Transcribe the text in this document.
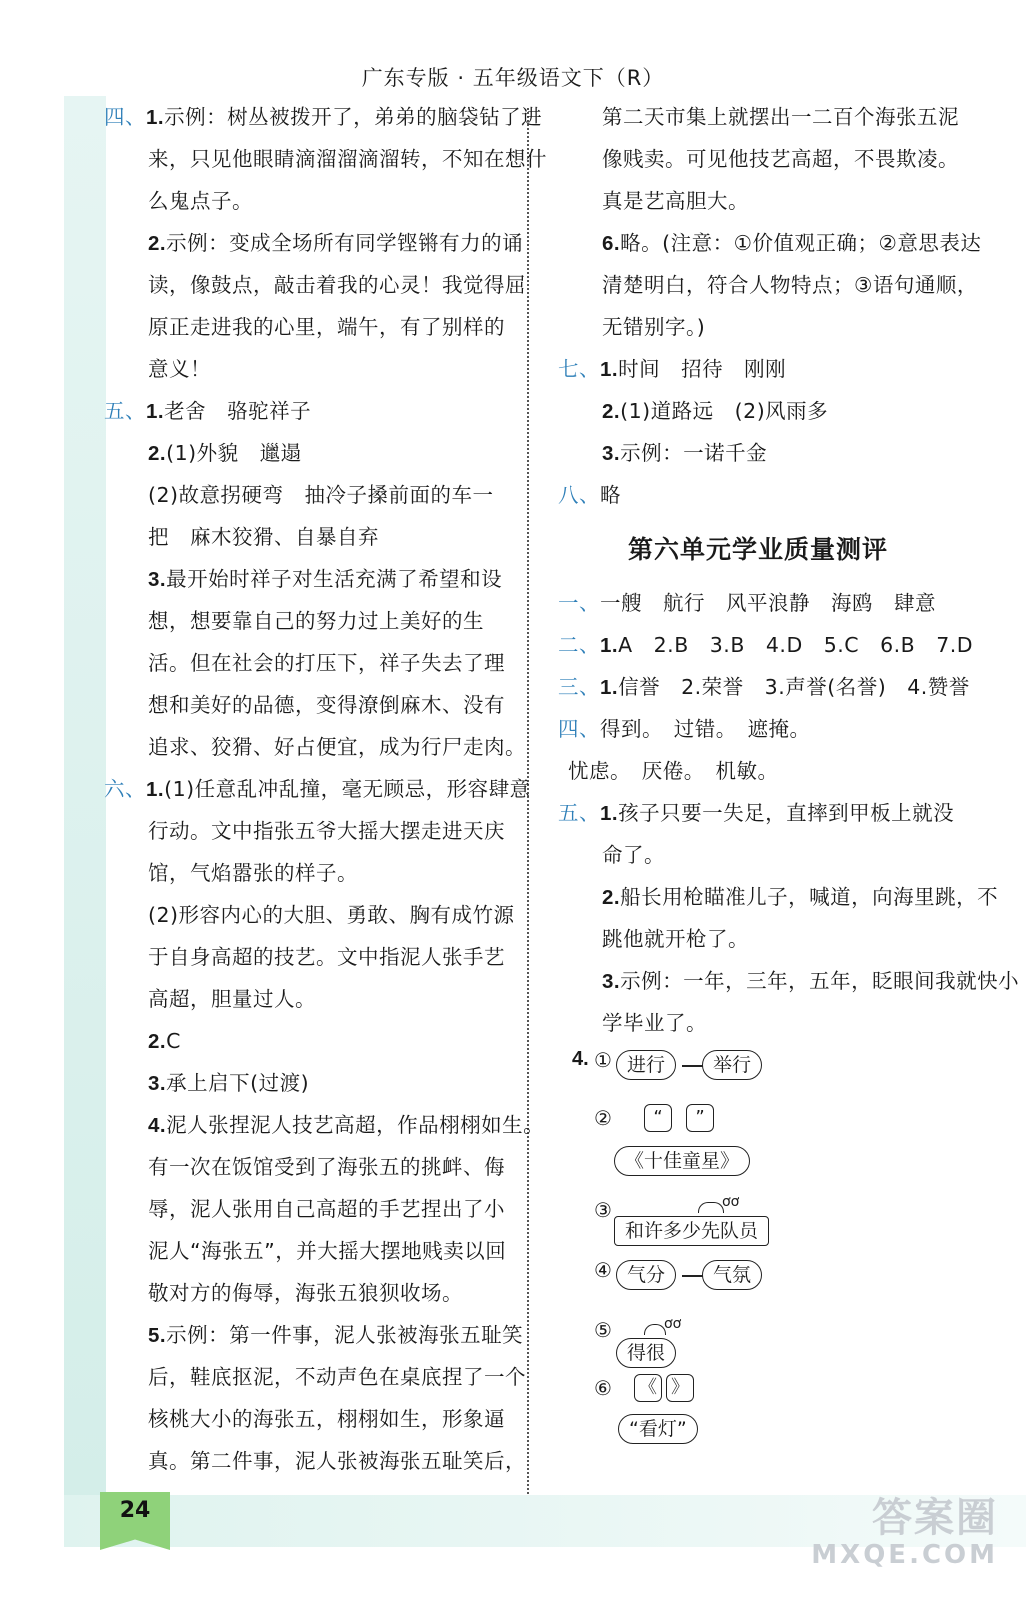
广东专版 · 五年级语文下（R）
24	答案圈
MXQE.COM
四、1.示例：树丛被拨开了，弟弟的脑袋钻了进
来，只见他眼睛滴溜溜滴溜转，不知在想什
么鬼点子。
2.示例：变成全场所有同学铿锵有力的诵
读，像鼓点，敲击着我的心灵！我觉得屈
原正走进我的心里，端午，有了别样的
意义！
五、1.老舍　骆驼祥子
2.(1)外貌　邋遢
(2)故意拐硬弯　抽冷子搡前面的车一
把　麻木狡猾、自暴自弃
3.最开始时祥子对生活充满了希望和设
想，想要靠自己的努力过上美好的生
活。但在社会的打压下，祥子失去了理
想和美好的品德，变得潦倒麻木、没有
追求、狡猾、好占便宜，成为行尸走肉。
六、1.(1)任意乱冲乱撞，毫无顾忌，形容肆意
行动。文中指张五爷大摇大摆走进天庆
馆，气焰嚣张的样子。
(2)形容内心的大胆、勇敢、胸有成竹源
于自身高超的技艺。文中指泥人张手艺
高超，胆量过人。
2.C
3.承上启下(过渡)
4.泥人张捏泥人技艺高超，作品栩栩如生。
有一次在饭馆受到了海张五的挑衅、侮
辱，泥人张用自己高超的手艺捏出了小
泥人“海张五”，并大摇大摆地贱卖以回
敬对方的侮辱，海张五狼狈收场。
5.示例：第一件事，泥人张被海张五耻笑
后，鞋底抠泥，不动声色在桌底捏了一个
核桃大小的海张五，栩栩如生，形象逼
真。第二件事，泥人张被海张五耻笑后，
第二天市集上就摆出一二百个海张五泥
像贱卖。可见他技艺高超，不畏欺凌。
真是艺高胆大。
6.略。(注意：①价值观正确；②意思表达
清楚明白，符合人物特点；③语句通顺，
无错别字。)
七、1.时间　招待　刚刚
2.(1)道路远　(2)风雨多
3.示例：一诺千金
八、略
第六单元学业质量测评
一、一艘　航行　风平浪静　海鸥　肆意
二、1.A　2.B　3.B　4.D　5.C　6.B　7.D
三、1.信誉　2.荣誉　3.声誉(名誉)　4.赞誉
四、得到。　过错。　遮掩。
忧虑。　厌倦。　机敏。
五、1.孩子只要一失足，直摔到甲板上就没
命了。
2.船长用枪瞄准儿子，喊道，向海里跳，不
跳他就开枪了。
3.示例：一年，三年，五年，眨眼间我就快小
学毕业了。
4. ① 进行	举行
②	“	”
《十佳童星》
③	ơơ
和许多少先队员
④ 气分	气氛
⑤	ơơ
得很
⑥ 《 》
“看灯”
